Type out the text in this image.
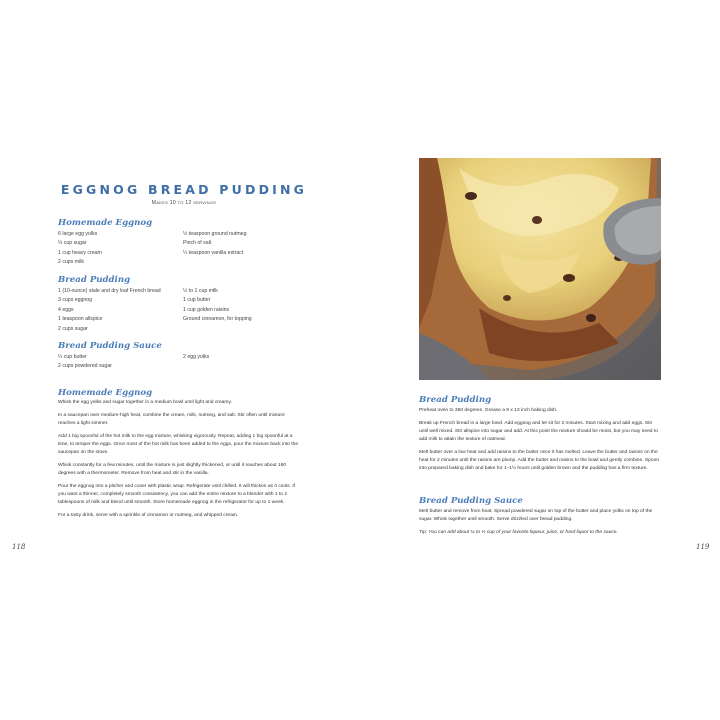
EGGNOG BREAD PUDDING
Makes 10 to 12 servings
Homemade Eggnog
6 large egg yolks
⅓ cup sugar
1 cup heavy cream
2 cups milk
½ teaspoon ground nutmeg
Pinch of salt
¼ teaspoon vanilla extract
Bread Pudding
1 (10-ounce) stale and dry loaf French bread
3 cups eggnog
4 eggs
1 teaspoon allspice
2 cups sugar
½ to 1 cup milk
1 cup butter
1 cup golden raisins
Ground cinnamon, for topping
Bread Pudding Sauce
¼ cup butter
2 cups powdered sugar
2 egg yolks
Homemade Eggnog

Whisk the egg yolks and sugar together in a medium bowl until light and creamy.

In a saucepan over medium-high heat, combine the cream, milk, nutmeg, and salt. Stir often until mixture reaches a light simmer.

Add 1 big spoonful of the hot milk to the egg mixture, whisking vigorously. Repeat, adding 1 big spoonful at a time, to temper the eggs. Once most of the hot milk has been added to the eggs, pour the mixture back into the saucepan on the stove.

Whisk constantly for a few minutes, until the mixture is just slightly thickened, or until it reaches about 160 degrees with a thermometer. Remove from heat and stir in the vanilla.

Pour the eggnog into a pitcher and cover with plastic wrap. Refrigerate until chilled. It will thicken as it cools. If you want a thinner, completely smooth consistency, you can add the entire mixture to a blender with 1 to 2 tablespoons of milk and blend until smooth. Store homemade eggnog in the refrigerator for up to 1 week.

For a tasty drink, serve with a sprinkle of cinnamon or nutmeg, and whipped cream.

118
Bread Pudding

Preheat oven to 350 degrees. Grease a 9 x 13 inch baking dish.

Break up French bread in a large bowl. Add eggnog and let sit for 2 minutes. Start mixing and add eggs. Stir until well mixed. Stir allspice into sugar and add. At this point the mixture should be moist, but you may need to add milk to attain the texture of oatmeal.

Melt butter over a low heat and add raisins to the butter once it has melted. Leave the butter and raisins on the heat for 2 minutes until the raisins are plump. Add the butter and raisins to the bowl and gently combine. Spoon into prepared baking dish and bake for 1–1½ hours until golden brown and the pudding has a firm texture.

Bread Pudding Sauce

Melt butter and remove from heat. Spread powdered sugar on top of the butter and place yolks on top of the sugar. Whisk together until smooth. Serve drizzled over bread pudding.

Tip: You can add about ¼ to ⅓ cup of your favorite liqueur, juice, or hard liquor to the sauce.

119
